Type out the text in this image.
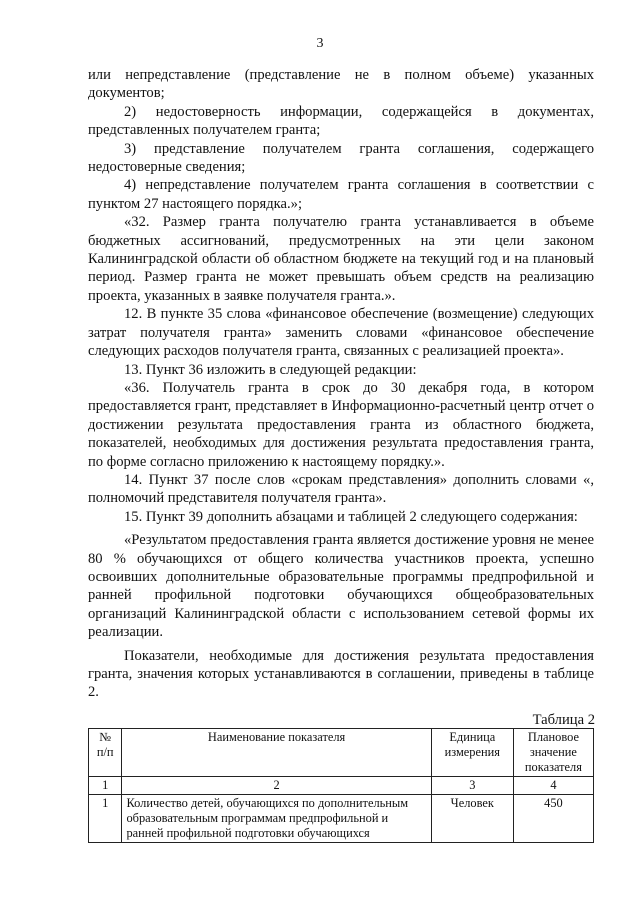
3

или непредставление (представление не в полном объеме) указанных документов;

2) недостоверность информации, содержащейся в документах, представленных получателем гранта;

3) представление получателем гранта соглашения, содержащего недостоверные сведения;

4) непредставление получателем гранта соглашения в соответствии с пунктом 27 настоящего порядка.»;

«32. Размер гранта получателю гранта устанавливается в объеме бюджетных ассигнований, предусмотренных на эти цели законом Калининградской области об областном бюджете на текущий год и на плановый период. Размер гранта не может превышать объем средств на реализацию проекта, указанных в заявке получателя гранта.».

12. В пункте 35 слова «финансовое обеспечение (возмещение) следующих затрат получателя гранта» заменить словами «финансовое обеспечение следующих расходов получателя гранта, связанных с реализацией проекта».

13. Пункт 36 изложить в следующей редакции:

«36. Получатель гранта в срок до 30 декабря года, в котором предоставляется грант, представляет в Информационно-расчетный центр отчет о достижении результата предоставления гранта из областного бюджета, показателей, необходимых для достижения результата предоставления гранта, по форме согласно приложению к настоящему порядку.».

14. Пункт 37 после слов «срокам представления» дополнить словами «, полномочий представителя получателя гранта».

15. Пункт 39 дополнить абзацами и таблицей 2 следующего содержания:

«Результатом предоставления гранта является достижение уровня не менее 80 % обучающихся от общего количества участников проекта, успешно освоивших дополнительные образовательные программы предпрофильной и ранней профильной подготовки обучающихся общеобразовательных организаций Калининградской области с использованием сетевой формы их реализации.

Показатели, необходимые для достижения результата предоставления гранта, значения которых устанавливаются в соглашении, приведены в таблице 2.

Таблица 2
№ п/п	Наименование показателя	Единица измерения	Плановое значение показателя
1	2	3	4
1	Количество детей, обучающихся по дополнительным образовательным программам предпрофильной и ранней профильной подготовки обучающихся	Человек	450
